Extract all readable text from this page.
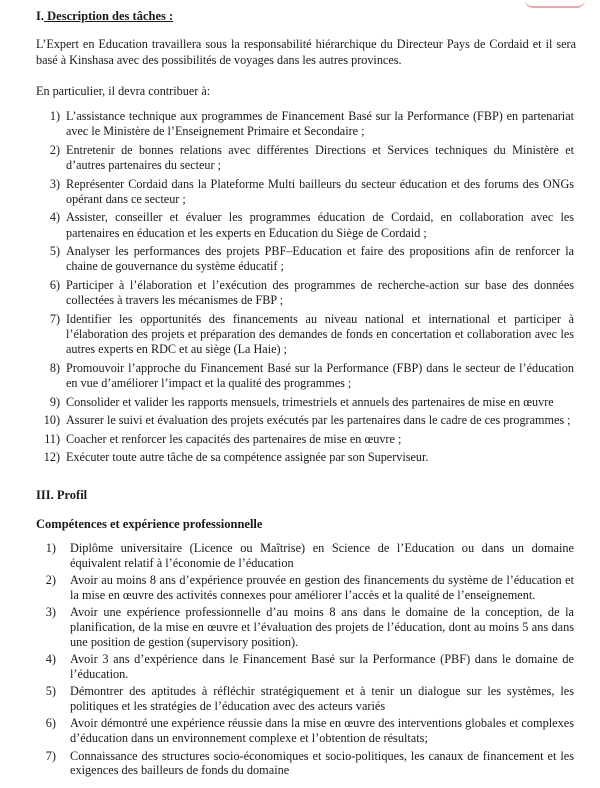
I. Description des tâches :
L’Expert en Education travaillera sous la responsabilité hiérarchique du Directeur Pays de Cordaid et il sera basé à Kinshasa avec des possibilités de voyages dans les autres provinces.
En particulier, il devra contribuer à:
1) L’assistance technique aux programmes de Financement Basé sur la Performance (FBP) en partenariat avec le Ministère de l’Enseignement Primaire et Secondaire ;
2) Entretenir de bonnes relations avec différentes Directions et Services techniques du Ministère et d’autres partenaires du secteur ;
3) Représenter Cordaid dans la Plateforme Multi bailleurs du secteur éducation et des forums des ONGs opérant dans ce secteur ;
4) Assister, conseiller et évaluer les programmes éducation de Cordaid, en collaboration avec les partenaires en éducation et les experts en Education du Siège de Cordaid ;
5) Analyser les performances des projets PBF–Education et faire des propositions afin de renforcer la chaine de gouvernance du système éducatif ;
6) Participer à l’élaboration et l’exécution des programmes de recherche-action sur base des données collectées à travers les mécanismes de FBP ;
7) Identifier les opportunités des financements au niveau national et international et participer à l’élaboration des projets et préparation des demandes de fonds en concertation et collaboration avec les autres experts en RDC et au siège (La Haie) ;
8) Promouvoir l’approche du Financement Basé sur la Performance (FBP) dans le secteur de l’éducation en vue d’améliorer l’impact et la qualité des programmes ;
9) Consolider et valider les rapports mensuels, trimestriels et annuels des partenaires de mise en œuvre
10) Assurer le suivi et évaluation des projets exécutés par les partenaires dans le cadre de ces programmes ;
11) Coacher et renforcer les capacités des partenaires de mise en œuvre ;
12) Exécuter toute autre tâche de sa compétence assignée par son Superviseur.
III. Profil
Compétences et expérience professionnelle
1) Diplôme universitaire (Licence ou Maîtrise) en Science de l’Education ou dans un domaine équivalent relatif à l’économie de l’éducation
2) Avoir au moins 8 ans d’expérience prouvée en gestion des financements du système de l’éducation et la mise en œuvre des activités connexes pour améliorer l’accès et la qualité de l’enseignement.
3) Avoir une expérience professionnelle d’au moins 8 ans dans le domaine de la conception, de la planification, de la mise en œuvre et l’évaluation des projets de l’éducation, dont au moins 5 ans dans une position de gestion (supervisory position).
4) Avoir 3 ans d’expérience dans le Financement Basé sur la Performance (PBF) dans le domaine de l’éducation.
5) Démontrer des aptitudes à réfléchir stratégiquement et à tenir un dialogue sur les systèmes, les politiques et les stratégies de l’éducation avec des acteurs variés
6) Avoir démontré une expérience réussie dans la mise en œuvre des interventions globales et complexes d’éducation dans un environnement complexe et l’obtention de résultats;
7) Connaissance des structures socio-économiques et socio-politiques, les canaux de financement et les exigences des bailleurs de fonds du domaine
